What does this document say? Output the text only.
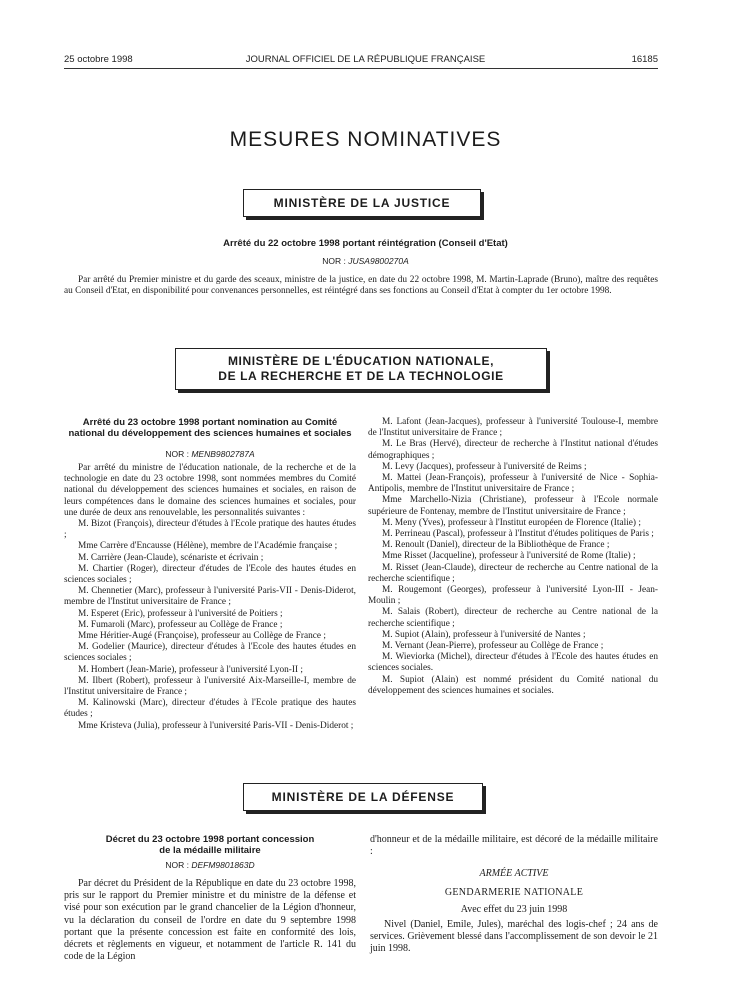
25 octobre 1998	JOURNAL OFFICIEL DE LA RÉPUBLIQUE FRANÇAISE	16185
MESURES NOMINATIVES
MINISTÈRE DE LA JUSTICE
Arrêté du 22 octobre 1998 portant réintégration (Conseil d'Etat)
NOR : JUSA9800270A
Par arrêté du Premier ministre et du garde des sceaux, ministre de la justice, en date du 22 octobre 1998, M. Martin-Laprade (Bruno), maître des requêtes au Conseil d'Etat, en disponibilité pour convenances personnelles, est réintégré dans ses fonctions au Conseil d'Etat à compter du 1er octobre 1998.
MINISTÈRE DE L'ÉDUCATION NATIONALE,
DE LA RECHERCHE ET DE LA TECHNOLOGIE
Arrêté du 23 octobre 1998 portant nomination au Comité national du développement des sciences humaines et sociales
NOR : MENB9802787A

Par arrêté du ministre de l'éducation nationale, de la recherche et de la technologie en date du 23 octobre 1998, sont nommées membres du Comité national du développement des sciences humaines et sociales, en raison de leurs compétences dans le domaine des sciences humaines et sociales, pour une durée de deux ans renouvelable, les personnalités suivantes :

M. Bizot (François), directeur d'études à l'Ecole pratique des hautes études ;

Mme Carrère d'Encausse (Hélène), membre de l'Académie française ;

M. Carrière (Jean-Claude), scénariste et écrivain ;

M. Chartier (Roger), directeur d'études de l'Ecole des hautes études en sciences sociales ;

M. Chennetier (Marc), professeur à l'université Paris-VII - Denis-Diderot, membre de l'Institut universitaire de France ;

M. Esperet (Eric), professeur à l'université de Poitiers ;

M. Fumaroli (Marc), professeur au Collège de France ;

Mme Héritier-Augé (Françoise), professeur au Collège de France ;

M. Godelier (Maurice), directeur d'études à l'Ecole des hautes études en sciences sociales ;

M. Hombert (Jean-Marie), professeur à l'université Lyon-II ;

M. Ilbert (Robert), professeur à l'université Aix-Marseille-I, membre de l'Institut universitaire de France ;

M. Kalinowski (Marc), directeur d'études à l'Ecole pratique des hautes études ;

Mme Kristeva (Julia), professeur à l'université Paris-VII - Denis-Diderot ;

M. Lafont (Jean-Jacques), professeur à l'université Toulouse-I, membre de l'Institut universitaire de France ;

M. Le Bras (Hervé), directeur de recherche à l'Institut national d'études démographiques ;

M. Levy (Jacques), professeur à l'université de Reims ;

M. Mattei (Jean-François), professeur à l'université de Nice - Sophia-Antipolis, membre de l'Institut universitaire de France ;

Mme Marchello-Nizia (Christiane), professeur à l'Ecole normale supérieure de Fontenay, membre de l'Institut universitaire de France ;

M. Meny (Yves), professeur à l'Institut européen de Florence (Italie) ;

M. Perrineau (Pascal), professeur à l'Institut d'études politiques de Paris ;

M. Renoult (Daniel), directeur de la Bibliothèque de France ;

Mme Risset (Jacqueline), professeur à l'université de Rome (Italie) ;

M. Risset (Jean-Claude), directeur de recherche au Centre national de la recherche scientifique ;

M. Rougemont (Georges), professeur à l'université Lyon-III - Jean-Moulin ;

M. Salais (Robert), directeur de recherche au Centre national de la recherche scientifique ;

M. Supiot (Alain), professeur à l'université de Nantes ;

M. Vernant (Jean-Pierre), professeur au Collège de France ;

M. Wieviorka (Michel), directeur d'études à l'Ecole des hautes études en sciences sociales.

M. Supiot (Alain) est nommé président du Comité national du développement des sciences humaines et sociales.

MINISTÈRE DE LA DÉFENSE
Décret du 23 octobre 1998 portant concession
de la médaille militaire
NOR : DEFM9801863D
Par décret du Président de la République en date du 23 octobre 1998, pris sur le rapport du Premier ministre et du ministre de la défense et visé pour son exécution par le grand chancelier de la Légion d'honneur, vu la déclaration du conseil de l'ordre en date du 9 septembre 1998 portant que la présente concession est faite en conformité des lois, décrets et règlements en vigueur, et notamment de l'article R. 141 du code de la Légion

d'honneur et de la médaille militaire, est décoré de la médaille militaire :

ARMÉE ACTIVE

GENDARMERIE NATIONALE

Avec effet du 23 juin 1998

Nivel (Daniel, Emile, Jules), maréchal des logis-chef ; 24 ans de services. Grièvement blessé dans l'accomplissement de son devoir le 21 juin 1998.
